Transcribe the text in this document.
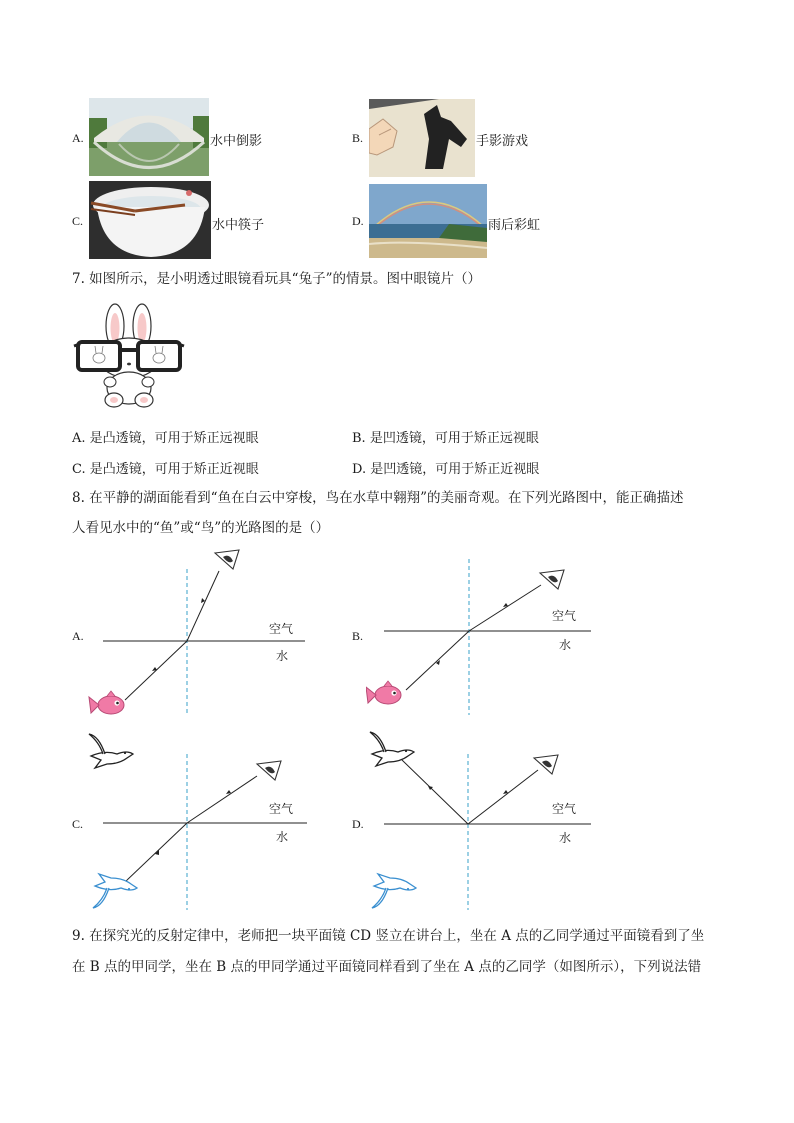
A.	水中倒影	B.	手影游戏
C.	水中筷子	D.	雨后彩虹
7. 如图所示，是小明透过眼镜看玩具“兔子”的情景。图中眼镜片（）
A. 是凸透镜，可用于矫正远视眼	B. 是凹透镜，可用于矫正远视眼
C. 是凸透镜，可用于矫正近视眼	D. 是凹透镜，可用于矫正近视眼
8. 在平静的湖面能看到“鱼在白云中穿梭，鸟在水草中翱翔”的美丽奇观。在下列光路图中，能正确描述
人看见水中的“鱼”或“鸟”的光路图的是（）
A.	空气
水
B.
空气
水
C.
空气
水
D.
空气
水
9. 在探究光的反射定律中，老师把一块平面镜 CD 竖立在讲台上，坐在 A 点的乙同学通过平面镜看到了坐
在 B 点的甲同学，坐在 B 点的甲同学通过平面镜同样看到了坐在 A 点的乙同学（如图所示），下列说法错
